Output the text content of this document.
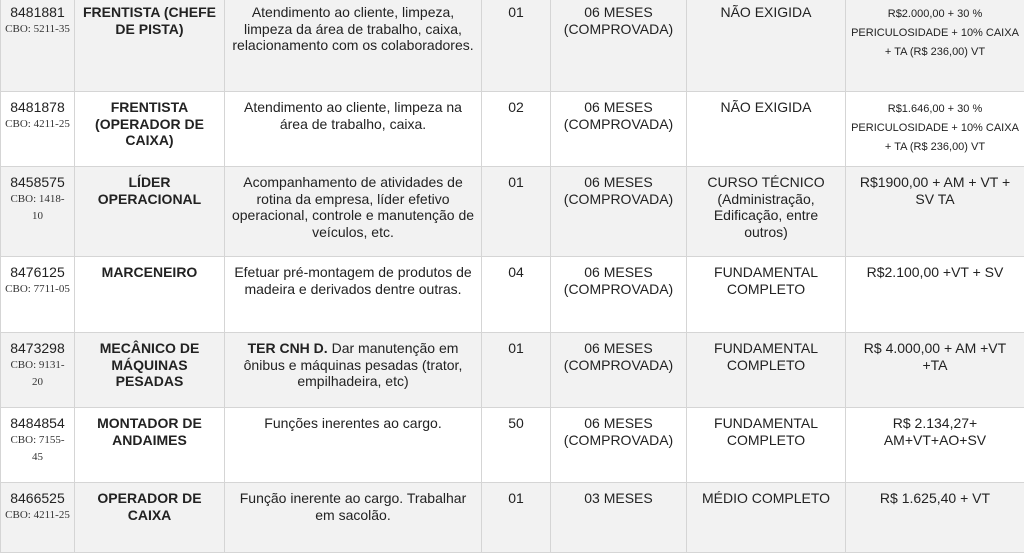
8481881
CBO: 5211-35	FRENTISTA (CHEFE DE PISTA)	Atendimento ao cliente, limpeza, limpeza da área de trabalho, caixa, relacionamento com os colaboradores.	01	06 MESES (COMPROVADA)	NÃO EXIGIDA	R$2.000,00 + 30 % PERICULOSIDADE + 10% CAIXA + TA (R$ 236,00) VT

8481878
CBO: 4211-25	FRENTISTA (OPERADOR DE CAIXA)	Atendimento ao cliente, limpeza na área de trabalho, caixa.	02	06 MESES (COMPROVADA)	NÃO EXIGIDA	R$1.646,00 + 30 % PERICULOSIDADE + 10% CAIXA + TA (R$ 236,00) VT

8458575
CBO: 1418-10	LÍDER OPERACIONAL	Acompanhamento de atividades de rotina da empresa, líder efetivo operacional, controle e manutenção de veículos, etc.	01	06 MESES (COMPROVADA)	CURSO TÉCNICO (Administração, Edificação, entre outros)	R$1900,00 + AM + VT + SV TA

8476125
CBO: 7711-05	MARCENEIRO	Efetuar pré-montagem de produtos de madeira e derivados dentre outras.	04	06 MESES (COMPROVADA)	FUNDAMENTAL COMPLETO	R$2.100,00 +VT + SV

8473298
CBO: 9131-20	MECÂNICO DE MÁQUINAS PESADAS	TER CNH D. Dar manutenção em ônibus e máquinas pesadas (trator, empilhadeira, etc)	01	06 MESES (COMPROVADA)	FUNDAMENTAL COMPLETO	R$ 4.000,00 + AM +VT +TA

8484854
CBO: 7155-45	MONTADOR DE ANDAIMES	Funções inerentes ao cargo.	50	06 MESES (COMPROVADA)	FUNDAMENTAL COMPLETO	R$ 2.134,27+ AM+VT+AO+SV

8466525
CBO: 4211-25	OPERADOR DE CAIXA	Função inerente ao cargo. Trabalhar em sacolão.	01	03 MESES	MÉDIO COMPLETO	R$ 1.625,40 + VT
